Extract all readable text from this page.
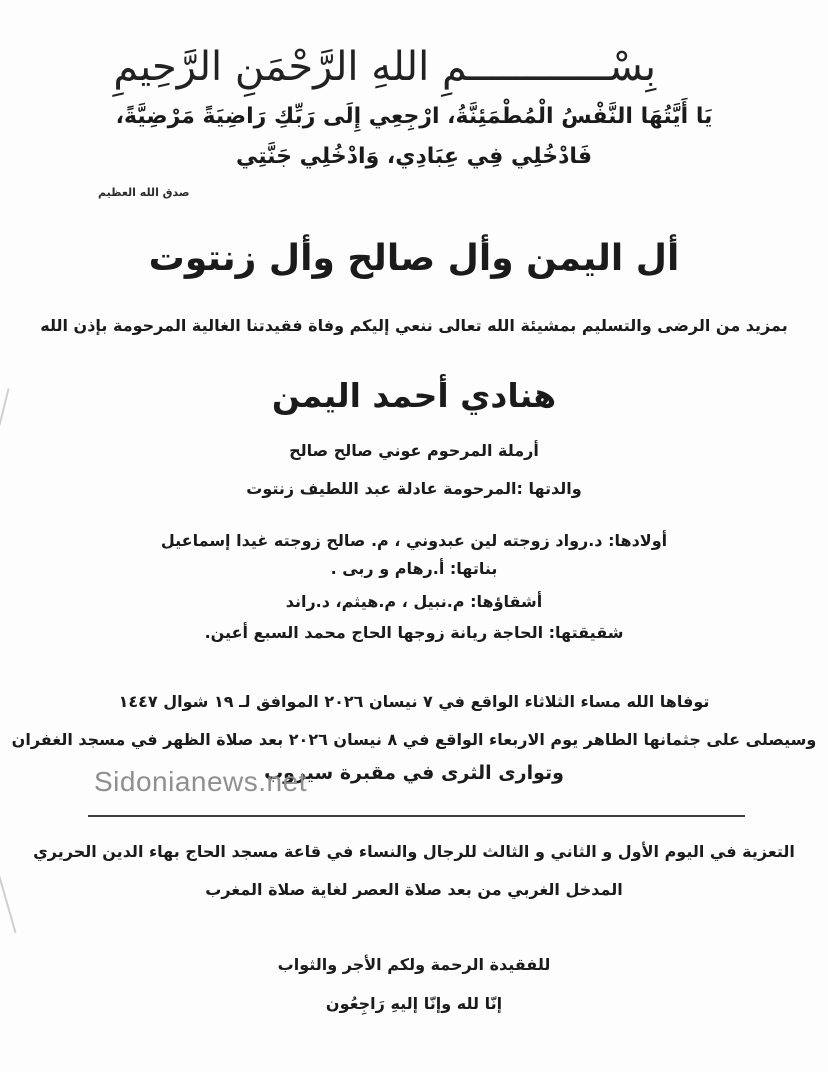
بِسْــــــــــــمِ اللهِ الرَّحْمَنِ الرَّحِيمِ
يَا أَيَّتُهَا النَّفْسُ الْمُطْمَئِنَّةُ، ارْجِعِي إِلَى رَبِّكِ رَاضِيَةً مَرْضِيَّةً،
فَادْخُلِي فِي عِبَادِي، وَادْخُلِي جَنَّتِي
صدق الله العظيم
أل اليمن وأل صالح وأل زنتوت
بمزيد من الرضى والتسليم بمشيئة الله تعالى ننعي إليكم وفاة فقيدتنا الغالية المرحومة بإذن الله
هنادي أحمد اليمن
أرملة المرحوم عوني صالح صالح
والدتها :المرحومة عادلة عبد اللطيف زنتوت
أولادها: د.رواد زوجته لين عبدوني ، م. صالح زوجته غيدا إسماعيل
بناتها: أ.رهام و ربى .
أشقاؤها: م.نبيل ، م.هيثم، د.راند
شقيقتها: الحاجة ريانة زوجها الحاج محمد السبع أعين.
توفاها الله مساء الثلاثاء الواقع في ٧ نيسان ٢٠٢٦ الموافق لـ ١٩ شوال ١٤٤٧
وسيصلى على جثمانها الطاهر يوم الاربعاء الواقع في ٨ نيسان ٢٠٢٦ بعد صلاة الظهر في مسجد الغفران
وتوارى الثرى في مقبرة سيروب
Sidonianews.net
التعزية في اليوم الأول و الثاني و الثالث للرجال والنساء في قاعة مسجد الحاج بهاء الدين الحريري
المدخل الغربي من بعد صلاة العصر لغاية صلاة المغرب
للفقيدة الرحمة ولكم الأجر والثواب
إنّا لله وإنّا إليهِ رَاجِعُون
